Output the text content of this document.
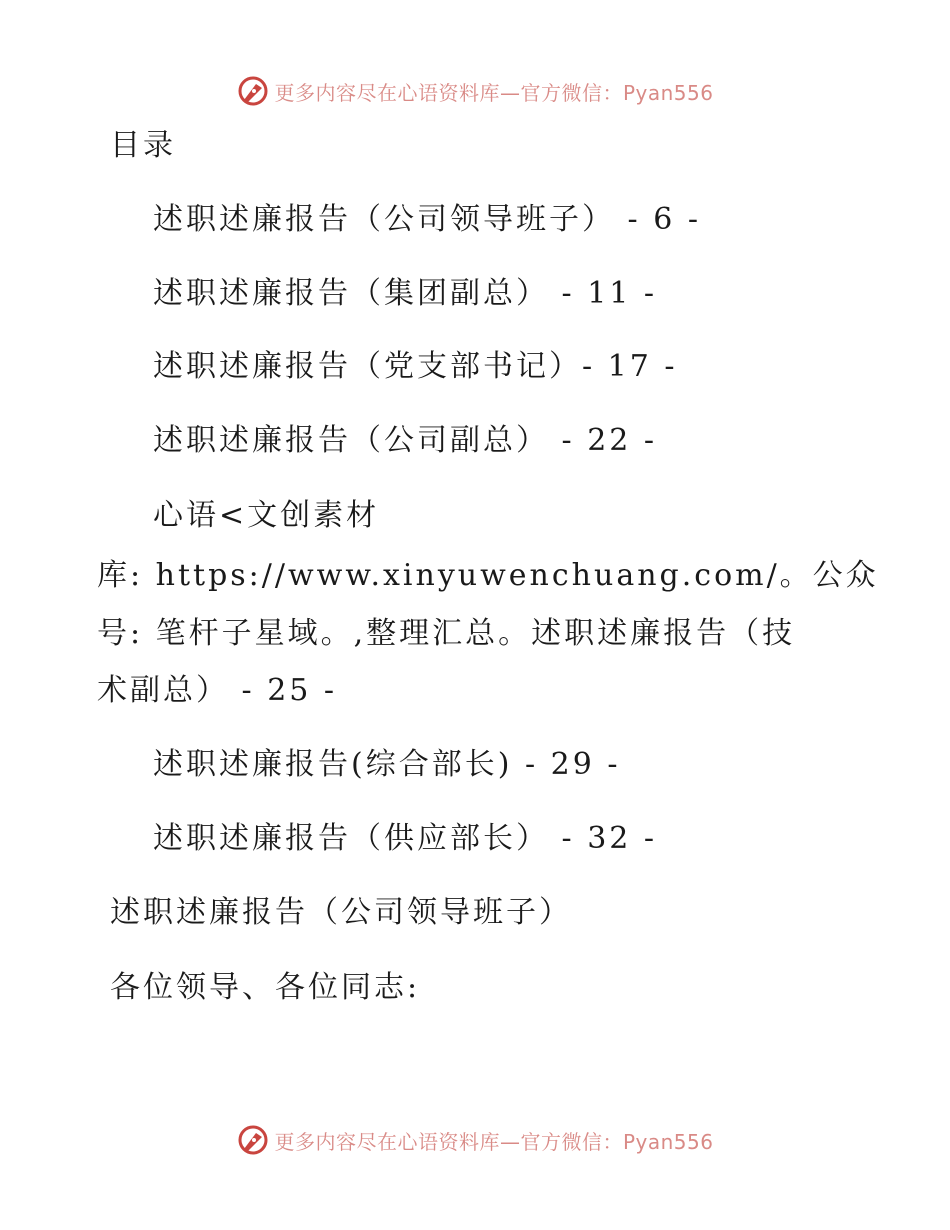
更多内容尽在心语资料库—官方微信：Pyan556
目录
述职述廉报告（公司领导班子） - 6 -
述职述廉报告（集团副总） - 11 -
述职述廉报告（党支部书记）- 17 -
述职述廉报告（公司副总） - 22 -
心语<文创素材
库: https://www.xinyuwenchuang.com/。公众
号: 笔杆子星域。,整理汇总。述职述廉报告（技
术副总） - 25 -
述职述廉报告(综合部长) - 29 -
述职述廉报告（供应部长） - 32 -
述职述廉报告（公司领导班子）
各位领导、各位同志:
更多内容尽在心语资料库—官方微信：Pyan556
